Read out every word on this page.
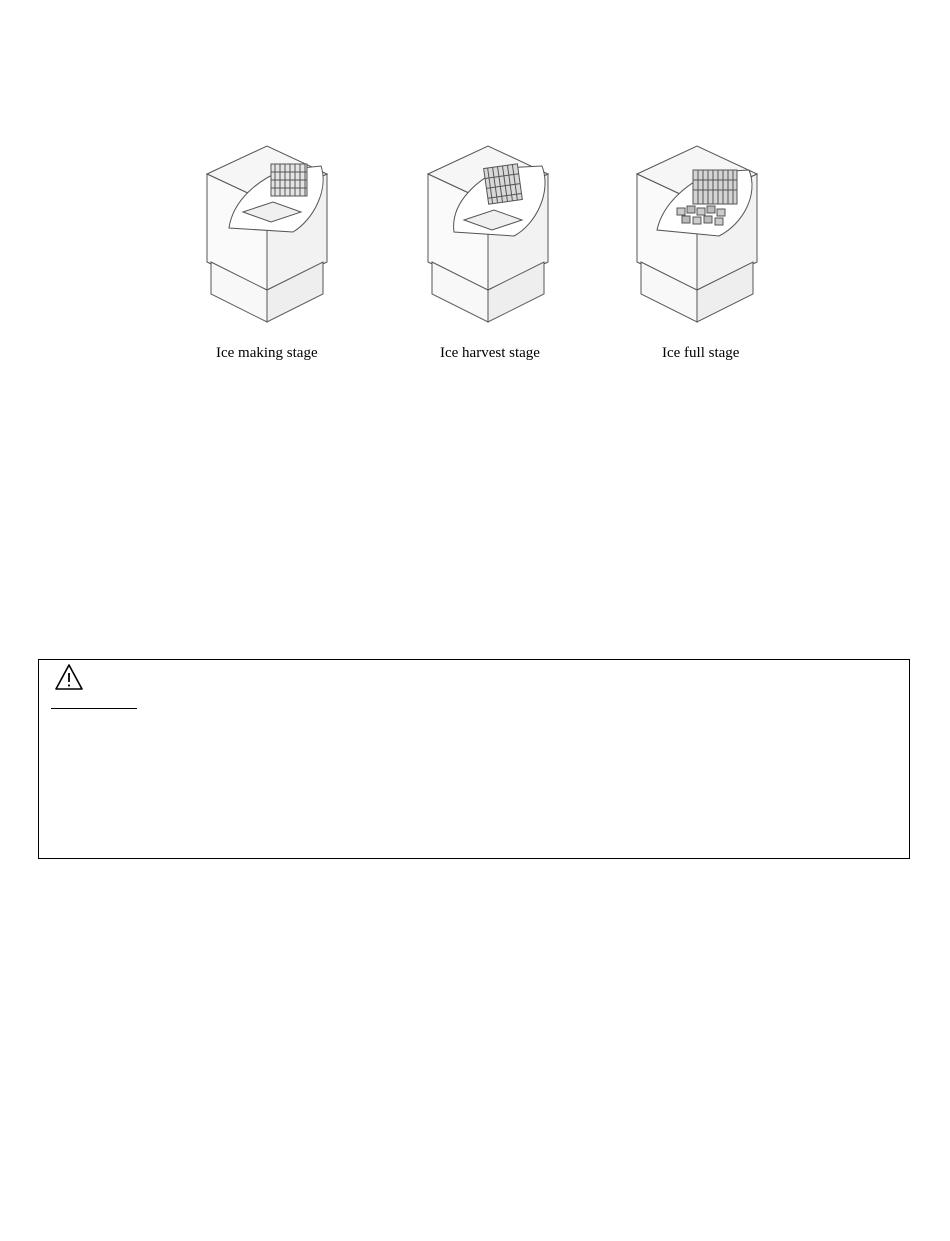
Ice making stage	Ice harvest stage	Ice full stage
